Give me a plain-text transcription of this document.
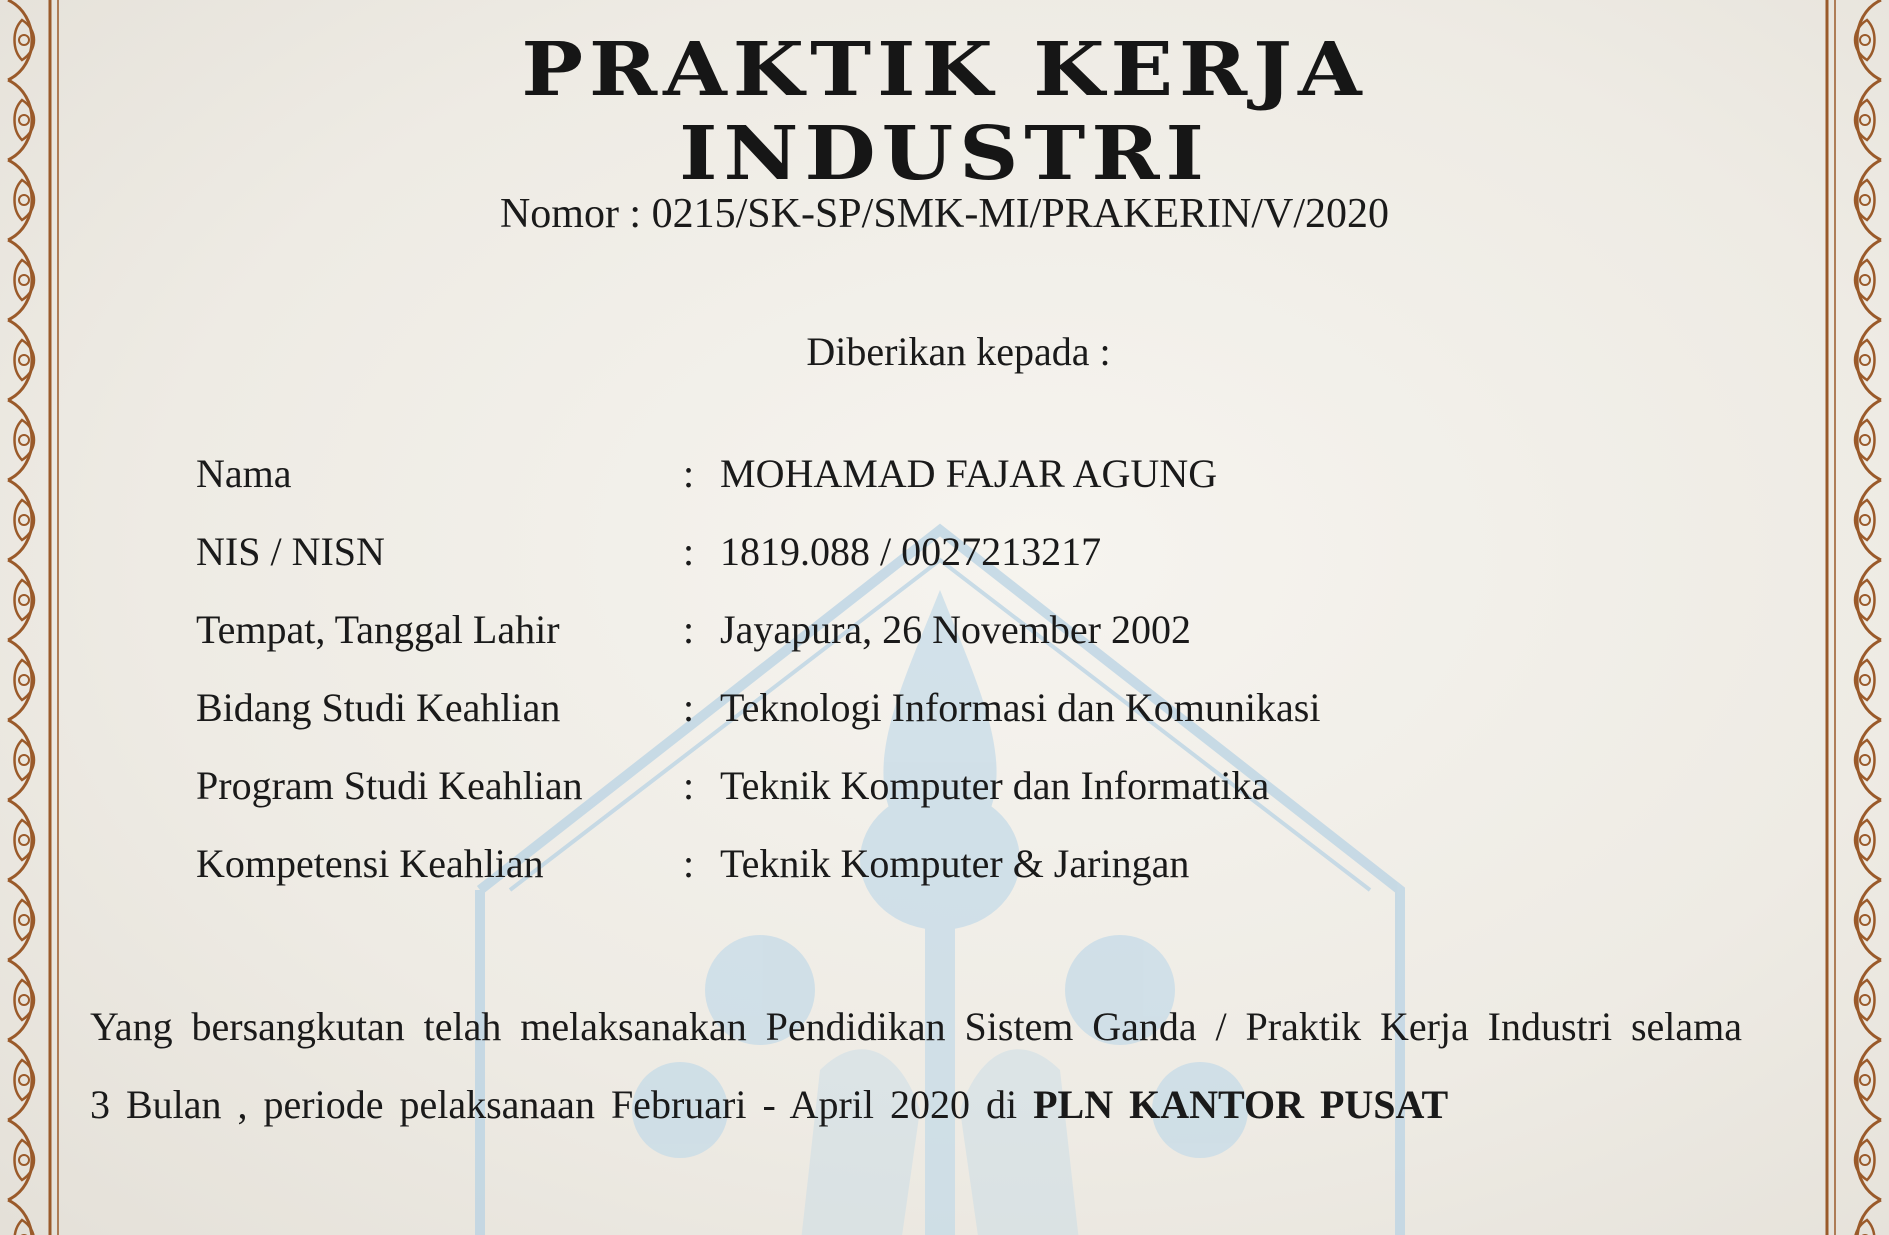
PRAKTIK KERJA
INDUSTRI
Nomor : 0215/SK-SP/SMK-MI/PRAKERIN/V/2020
Diberikan kepada :
Nama	: MOHAMAD FAJAR AGUNG
NIS / NISN	: 1819.088 / 0027213217
Tempat, Tanggal Lahir	: Jayapura, 26 November 2002
Bidang Studi Keahlian	: Teknologi Informasi dan Komunikasi
Program Studi Keahlian	: Teknik Komputer dan Informatika
Kompetensi Keahlian	: Teknik Komputer & Jaringan
Yang bersangkutan telah melaksanakan Pendidikan Sistem Ganda / Praktik Kerja Industri selama 3 Bulan , periode pelaksanaan Februari - April 2020 di PLN KANTOR PUSAT
